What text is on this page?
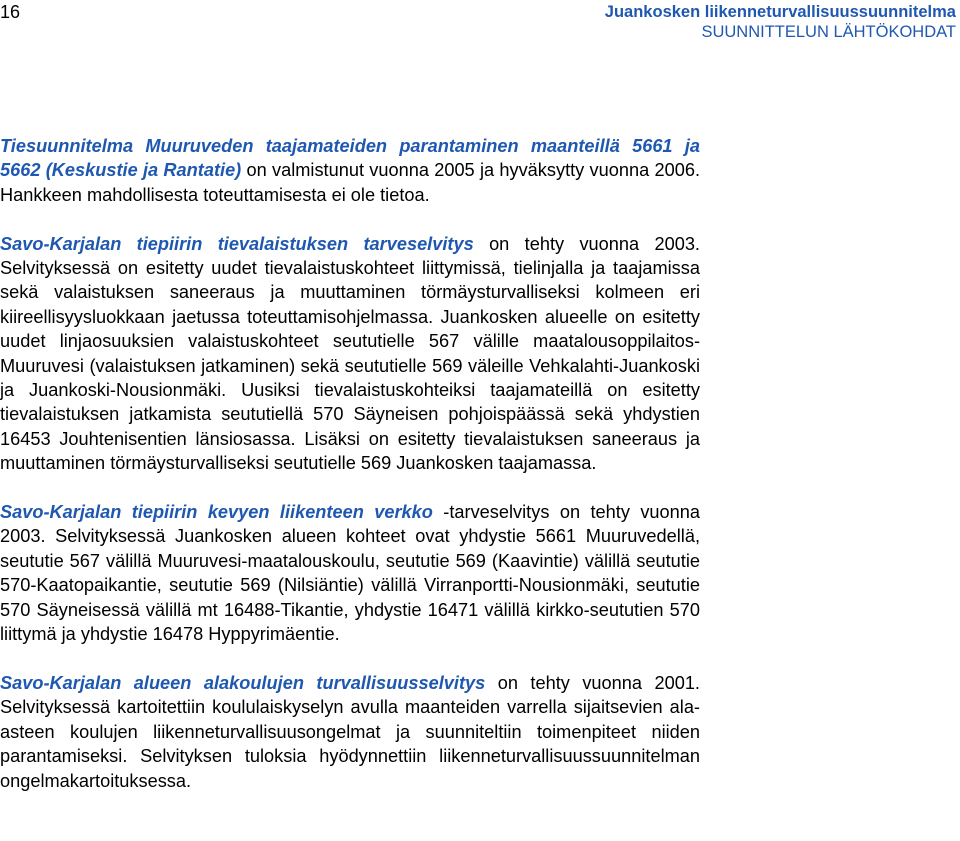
16	Juankosken liikenneturvallisuussuunnitelma
SUUNNITTELUN LÄHTÖKOHDAT

Tiesuunnitelma Muuruveden taajamateiden parantaminen maanteillä 5661 ja 5662 (Keskustie ja Rantatie) on valmistunut vuonna 2005 ja hyväksytty vuonna 2006. Hankkeen mahdollisesta toteuttamisesta ei ole tietoa.

Savo-Karjalan tiepiirin tievalaistuksen tarveselvitys on tehty vuonna 2003. Selvityksessä on esitetty uudet tievalaistuskohteet liittymissä, tielinjalla ja taajamissa sekä valaistuksen saneeraus ja muuttaminen törmäysturvalliseksi kolmeen eri kiireellisyysluokkaan jaetussa toteuttamisohjelmassa. Juankosken alueelle on esitetty uudet linjaosuuksien valaistuskohteet seututielle 567 välille maatalousoppilaitos-Muuruvesi (valaistuksen jatkaminen) sekä seututielle 569 väleille Vehkalahti-Juankoski ja Juankoski-Nousionmäki. Uusiksi tievalaistuskohteiksi taajamateillä on esitetty tievalaistuksen jatkamista seututiellä 570 Säyneisen pohjoispäässä sekä yhdystien 16453 Jouhtenisentien länsiosassa. Lisäksi on esitetty tievalaistuksen saneeraus ja muuttaminen törmäysturvalliseksi seututielle 569 Juankosken taajamassa.

Savo-Karjalan tiepiirin kevyen liikenteen verkko -tarveselvitys on tehty vuonna 2003. Selvityksessä Juankosken alueen kohteet ovat yhdystie 5661 Muuruvedellä, seututie 567 välillä Muuruvesi-maatalouskoulu, seututie 569 (Kaavintie) välillä seututie 570-Kaatopaikantie, seututie 569 (Nilsiäntie) välillä Virranportti-Nousionmäki, seututie 570 Säyneisessä välillä mt 16488-Tikantie, yhdystie 16471 välillä kirkko-seututien 570 liittymä ja yhdystie 16478 Hyppyrimäentie.

Savo-Karjalan alueen alakoulujen turvallisuusselvitys on tehty vuonna 2001. Selvityksessä kartoitettiin koululaiskyselyn avulla maanteiden varrella sijaitsevien ala-asteen koulujen liikenneturvallisuusongelmat ja suunniteltiin toimenpiteet niiden parantamiseksi. Selvityksen tuloksia hyödynnettiin liikenneturvallisuussuunnitelman ongelmakartoituksessa.
